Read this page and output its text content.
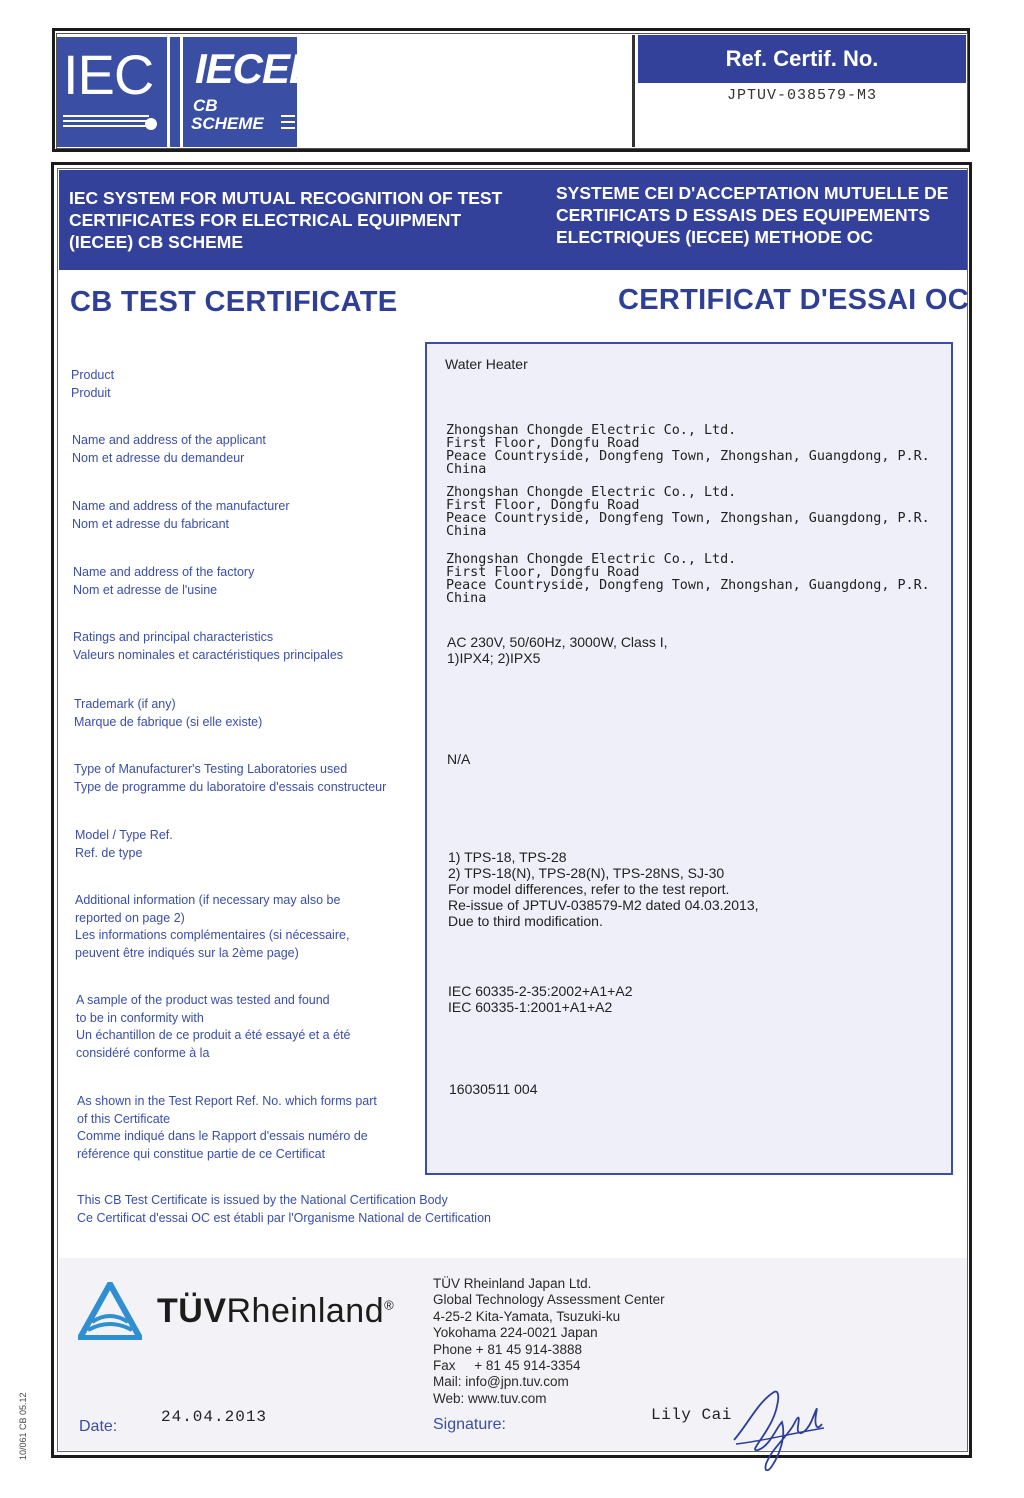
IEC IECEE
CB
SCHEME
Ref. Certif. No.
JPTUV-038579-M3
IEC SYSTEM FOR MUTUAL RECOGNITION OF TEST
CERTIFICATES FOR ELECTRICAL EQUIPMENT
(IECEE) CB SCHEME
SYSTEME CEI D'ACCEPTATION MUTUELLE DE
CERTIFICATS D ESSAIS DES EQUIPEMENTS
ELECTRIQUES (IECEE) METHODE OC
CB TEST CERTIFICATE	CERTIFICAT D'ESSAI OC
Product
Produit
Name and address of the applicant
Nom et adresse du demandeur
Name and address of the manufacturer
Nom et adresse du fabricant
Name and address of the factory
Nom et adresse de l'usine
Ratings and principal characteristics
Valeurs nominales et caractéristiques principales
Trademark (if any)
Marque de fabrique (si elle existe)
Type of Manufacturer's Testing Laboratories used
Type de programme du laboratoire d'essais constructeur
Model / Type Ref.
Ref. de type
Additional information (if necessary may also be
reported on page 2)
Les informations complémentaires (si nécessaire,
peuvent être indiqués sur la 2ème page)
A sample of the product was tested and found
to be in conformity with
Un échantillon de ce produit a été essayé et a été
considéré conforme à la
As shown in the Test Report Ref. No. which forms part
of this Certificate
Comme indiqué dans le Rapport d'essais numéro de
référence qui constitue partie de ce Certificat
This CB Test Certificate is issued by the National Certification Body
Ce Certificat d'essai OC est établi par l'Organisme National de Certification
Water Heater
Zhongshan Chongde Electric Co., Ltd.
First Floor, Dongfu Road
Peace Countryside, Dongfeng Town, Zhongshan, Guangdong, P.R.
China
Zhongshan Chongde Electric Co., Ltd.
First Floor, Dongfu Road
Peace Countryside, Dongfeng Town, Zhongshan, Guangdong, P.R.
China
Zhongshan Chongde Electric Co., Ltd.
First Floor, Dongfu Road
Peace Countryside, Dongfeng Town, Zhongshan, Guangdong, P.R.
China
AC 230V, 50/60Hz, 3000W, Class I,
1)IPX4; 2)IPX5
N/A
1) TPS-18, TPS-28
2) TPS-18(N), TPS-28(N), TPS-28NS, SJ-30
For model differences, refer to the test report.
Re-issue of JPTUV-038579-M2 dated 04.03.2013,
Due to third modification.
IEC 60335-2-35:2002+A1+A2
IEC 60335-1:2001+A1+A2
16030511 004
TÜVRheinland®
TÜV Rheinland Japan Ltd.
Global Technology Assessment Center
4-25-2 Kita-Yamata, Tsuzuki-ku
Yokohama 224-0021 Japan
Phone + 81 45 914-3888
Fax     + 81 45 914-3354
Mail: info@jpn.tuv.com
Web: www.tuv.com
Date:
24.04.2013	Signature:
Lily Cai
10/061 CB 05.12
